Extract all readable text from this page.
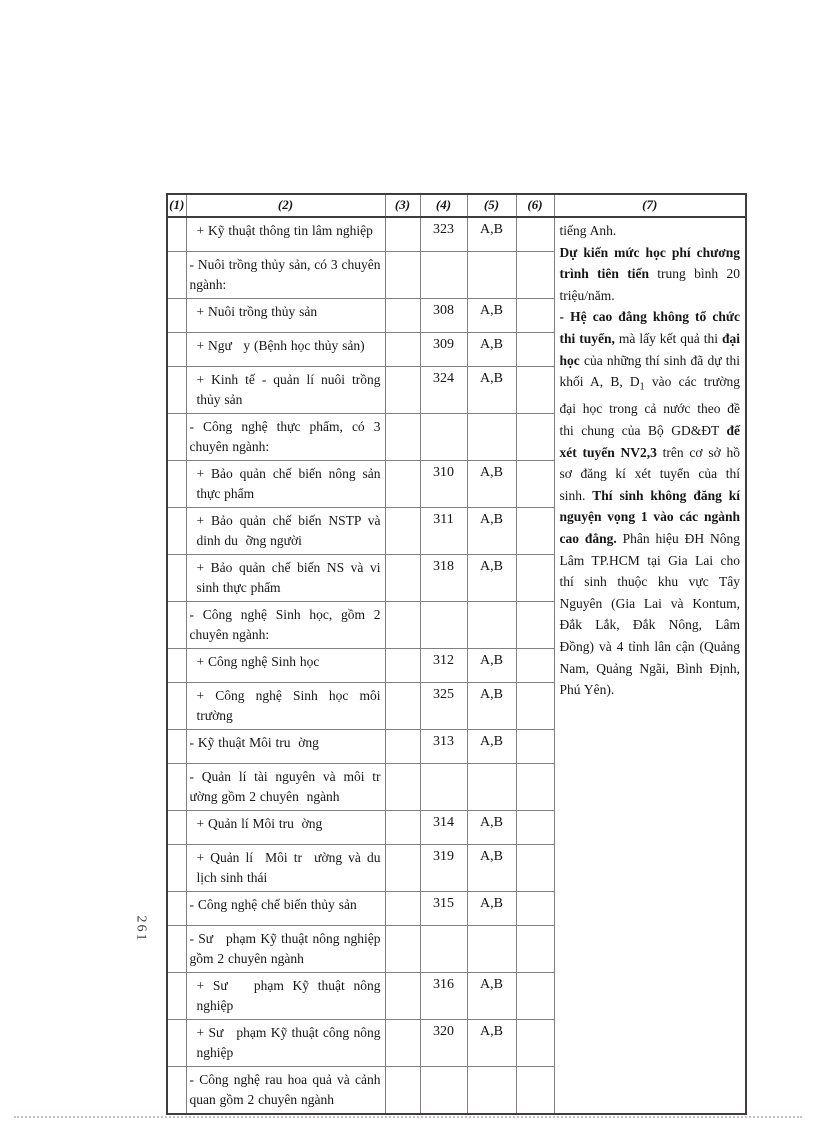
261
(1)	(2)	(3)	(4)	(5)	(6)	(7)
	+ Kỹ thuật thông tin lâm nghiệp		323	A,B		tiếng Anh.
Dự kiến mức học phí chương trình tiên tiến trung bình 20 triệu/năm.
- Hệ cao đẳng không tổ chức thi tuyển, mà lấy kết quả thi đại học của những thí sinh đã dự thi khối A, B, $D_1$ vào các trường đại học trong cả nước theo đề thi chung của Bộ GD&ĐT để xét tuyển NV2,3 trên cơ sở hồ sơ đăng kí xét tuyển của thí sinh. Thí sinh không đăng kí nguyện vọng 1 vào các ngành cao đẳng. Phân hiệu ĐH Nông Lâm TP.HCM tại Gia Lai cho thí sinh thuộc khu vực Tây Nguyên (Gia Lai và Kontum, Đắk Lắk, Đắk Nông, Lâm Đồng) và 4 tỉnh lân cận (Quảng Nam, Quảng Ngãi, Bình Định, Phú Yên).

	- Nuôi trồng thủy sản, có 3 chuyên ngành:					
	+ Nuôi trồng thủy sản		308	A,B		
	+ Ngư   y (Bệnh học thủy sản)		309	A,B		
	+ Kinh tế - quản lí nuôi trồng thủy sản		324	A,B		
	- Công nghệ thực phẩm, có 3 chuyên ngành:					
	+ Bảo quản chế biến nông sản thực phẩm		310	A,B		
	+ Bảo quản chế biến NSTP và dinh du  ỡng người		311	A,B		
	+ Bảo quản chế biến NS và vi sinh thực phẩm		318	A,B		
	- Công nghệ Sinh học, gồm 2 chuyên ngành:					
	+ Công nghệ Sinh học		312	A,B		
	+ Công nghệ Sinh học môi trường		325	A,B		
	- Kỹ thuật Môi tru  ờng		313	A,B		
	- Quản lí tài nguyên và môi tr  ường gồm 2 chuyên  ngành					
	+ Quản lí Môi tru  ờng		314	A,B		
	+ Quản lí  Môi tr  ường và du lịch sinh thái		319	A,B		
	- Công nghệ chế biến thủy sản		315	A,B		
	- Sư   phạm Kỹ thuật nông nghiệp gồm 2 chuyên ngành					
	+ Sư   phạm Kỹ thuật nông nghiệp		316	A,B		
	+ Sư   phạm Kỹ thuật công nông nghiệp		320	A,B		
	- Công nghệ rau hoa quả và cảnh quan gồm 2 chuyên ngành					
